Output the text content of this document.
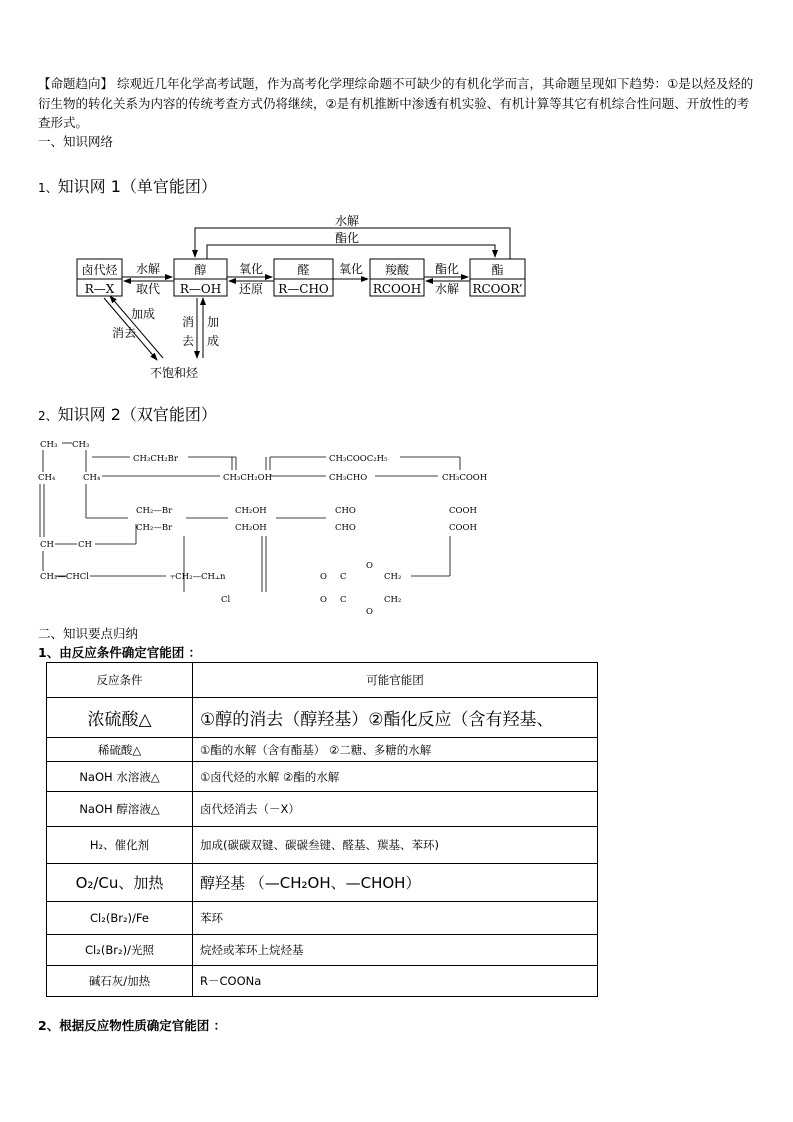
【命题趋向】 综观近几年化学高考试题，作为高考化学理综命题不可缺少的有机化学而言，其命题呈现如下趋势：①是以烃及烃的衍生物的转化关系为内容的传统考查方式仍将继续，②是有机推断中渗透有机实验、有机计算等其它有机综合性问题、开放性的考查形式。
一、知识网络
1、知识网 1（单官能团）
卤代烃
R—X
醇
R—OH
醛
R—CHO
羧酸
RCOOH
酯
RCOOR’
水解
取代
氧化
还原
氧化	酯化
水解
水解
酯化
加成
消去
消
去
加
成
不饱和烃
2、知识网 2（双官能团）
CH₃ CH₃
CH₄	CH₄
CH₃CH₂Br
CH₃CH₂OH
CH₃COOC₂H₅
CH₃CHO	CH₃COOH
CH₂—Br
CH₂—Br
CH₂OH
CH₂OH
CHO
CHO
COOH
COOH
CH	CH
CH₂—CHCl	⫟CH₂—CH⫠n
Cl
O
O
C
C
O
O
CH₂
CH₂
二、知识要点归纳
1、由反应条件确定官能团 ：
反应条件	可能官能团
浓硫酸△	①醇的消去（醇羟基）②酯化反应（含有羟基、
稀硫酸△	①酯的水解（含有酯基） ②二糖、多糖的水解
NaOH 水溶液△	①卤代烃的水解 ②酯的水解
NaOH 醇溶液△	卤代烃消去（－X）
H₂、催化剂	加成(碳碳双键、碳碳叁键、醛基、羰基、苯环)
O₂/Cu、加热	醇羟基 （—CH₂OH、—CHOH）
Cl₂(Br₂)/Fe	苯环
Cl₂(Br₂)/光照	烷烃或苯环上烷烃基
碱石灰/加热	R－COONa
2、根据反应物性质确定官能团 ：
